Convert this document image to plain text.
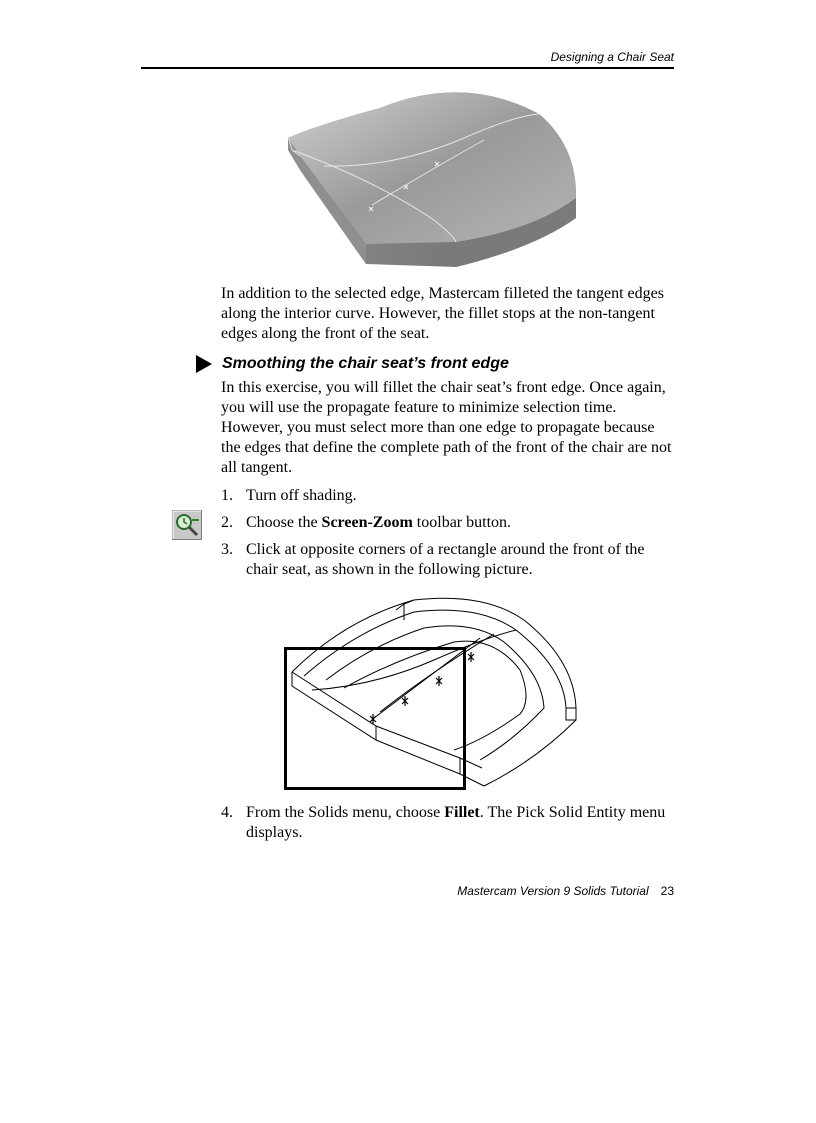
Designing a Chair Seat

In addition to the selected edge, Mastercam filleted the tangent edges along the interior curve. However, the fillet stops at the non-tangent edges along the front of the seat.

Smoothing the chair seat’s front edge

In this exercise, you will fillet the chair seat’s front edge. Once again, you will use the propagate feature to minimize selection time. However, you must select more than one edge to propagate because the edges that define the complete path of the front of the chair are not all tangent.

1. Turn off shading.
2. Choose the Screen-Zoom toolbar button.
3. Click at opposite corners of a rectangle around the front of the chair seat, as shown in the following picture.
4. From the Solids menu, choose Fillet. The Pick Solid Entity menu displays.
Mastercam Version 9 Solids Tutorial 23
